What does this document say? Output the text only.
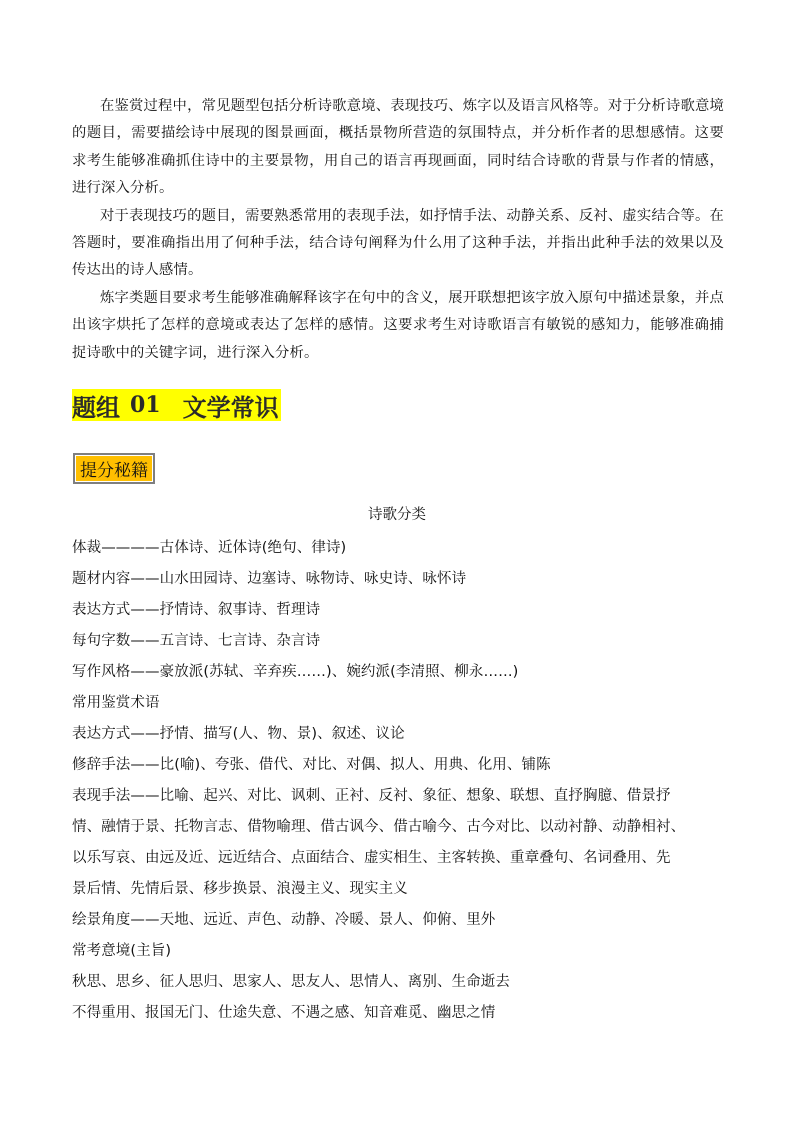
在鉴赏过程中，常见题型包括分析诗歌意境、表现技巧、炼字以及语言风格等。对于分析诗歌意境的题目，需要描绘诗中展现的图景画面，概括景物所营造的氛围特点，并分析作者的思想感情。这要求考生能够准确抓住诗中的主要景物，用自己的语言再现画面，同时结合诗歌的背景与作者的情感，进行深入分析。

对于表现技巧的题目，需要熟悉常用的表现手法，如抒情手法、动静关系、反衬、虚实结合等。在答题时，要准确指出用了何种手法，结合诗句阐释为什么用了这种手法，并指出此种手法的效果以及传达出的诗人感情。

炼字类题目要求考生能够准确解释该字在句中的含义，展开联想把该字放入原句中描述景象，并点出该字烘托了怎样的意境或表达了怎样的感情。这要求考生对诗歌语言有敏锐的感知力，能够准确捕捉诗歌中的关键字词，进行深入分析。

题组 01 文学常识
提分秘籍
诗歌分类
体裁————古体诗、近体诗(绝句、律诗)
题材内容——山水田园诗、边塞诗、咏物诗、咏史诗、咏怀诗
表达方式——抒情诗、叙事诗、哲理诗
每句字数——五言诗、七言诗、杂言诗
写作风格——豪放派(苏轼、辛弃疾……)、婉约派(李清照、柳永……)
常用鉴赏术语
表达方式——抒情、描写(人、物、景)、叙述、议论
修辞手法——比(喻)、夸张、借代、对比、对偶、拟人、用典、化用、铺陈
表现手法——比喻、起兴、对比、讽刺、正衬、反衬、象征、想象、联想、直抒胸臆、借景抒
情、融情于景、托物言志、借物喻理、借古讽今、借古喻今、古今对比、以动衬静、动静相衬、
以乐写哀、由远及近、远近结合、点面结合、虚实相生、主客转换、重章叠句、名词叠用、先
景后情、先情后景、移步换景、浪漫主义、现实主义
绘景角度——天地、远近、声色、动静、冷暖、景人、仰俯、里外
常考意境(主旨)
秋思、思乡、征人思归、思家人、思友人、思情人、离别、生命逝去
不得重用、报国无门、仕途失意、不遇之感、知音难觅、幽思之情
